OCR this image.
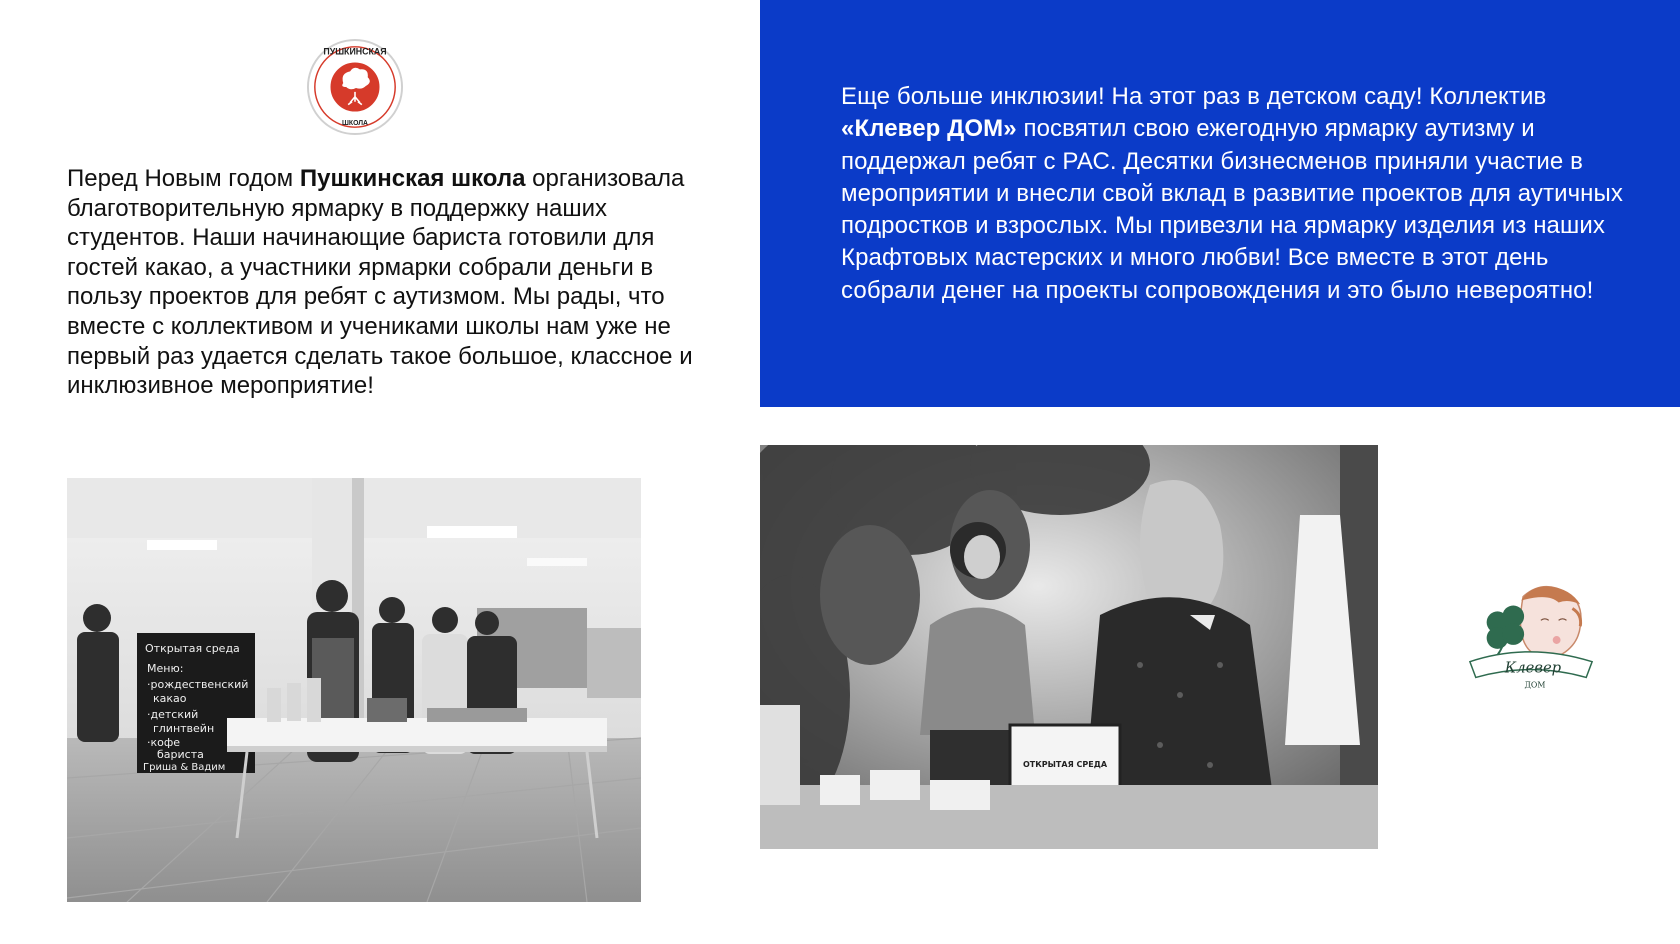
ПУШКИНСКАЯ
ШКОЛА
Перед Новым годом Пушкинская школа организовала благотворительную ярмарку в поддержку наших студентов. Наши начинающие бариста готовили для гостей какао, а участники ярмарки собрали деньги в пользу проектов для ребят с аутизмом. Мы рады, что вместе с коллективом и учениками школы нам уже не первый раз удается сделать такое большое, классное и инклюзивное мероприятие!
Открытая среда
Меню:
·рождественский
какао
·детский
глинтвейн
·кофе
бариста
Гриша & Вадим
Еще больше инклюзии! На этот раз в детском саду! Коллектив «Клевер ДОМ» посвятил свою ежегодную ярмарку аутизму и поддержал ребят с РАС. Десятки бизнесменов приняли участие в мероприятии и внесли свой вклад в развитие проектов для аутичных подростков и взрослых. Мы привезли на ярмарку изделия из наших Крафтовых мастерских и много любви! Все вместе в этот день собрали денег на проекты сопровождения и это было невероятно!
ОТКРЫТАЯ СРЕДА
Клевер
ДОМ
